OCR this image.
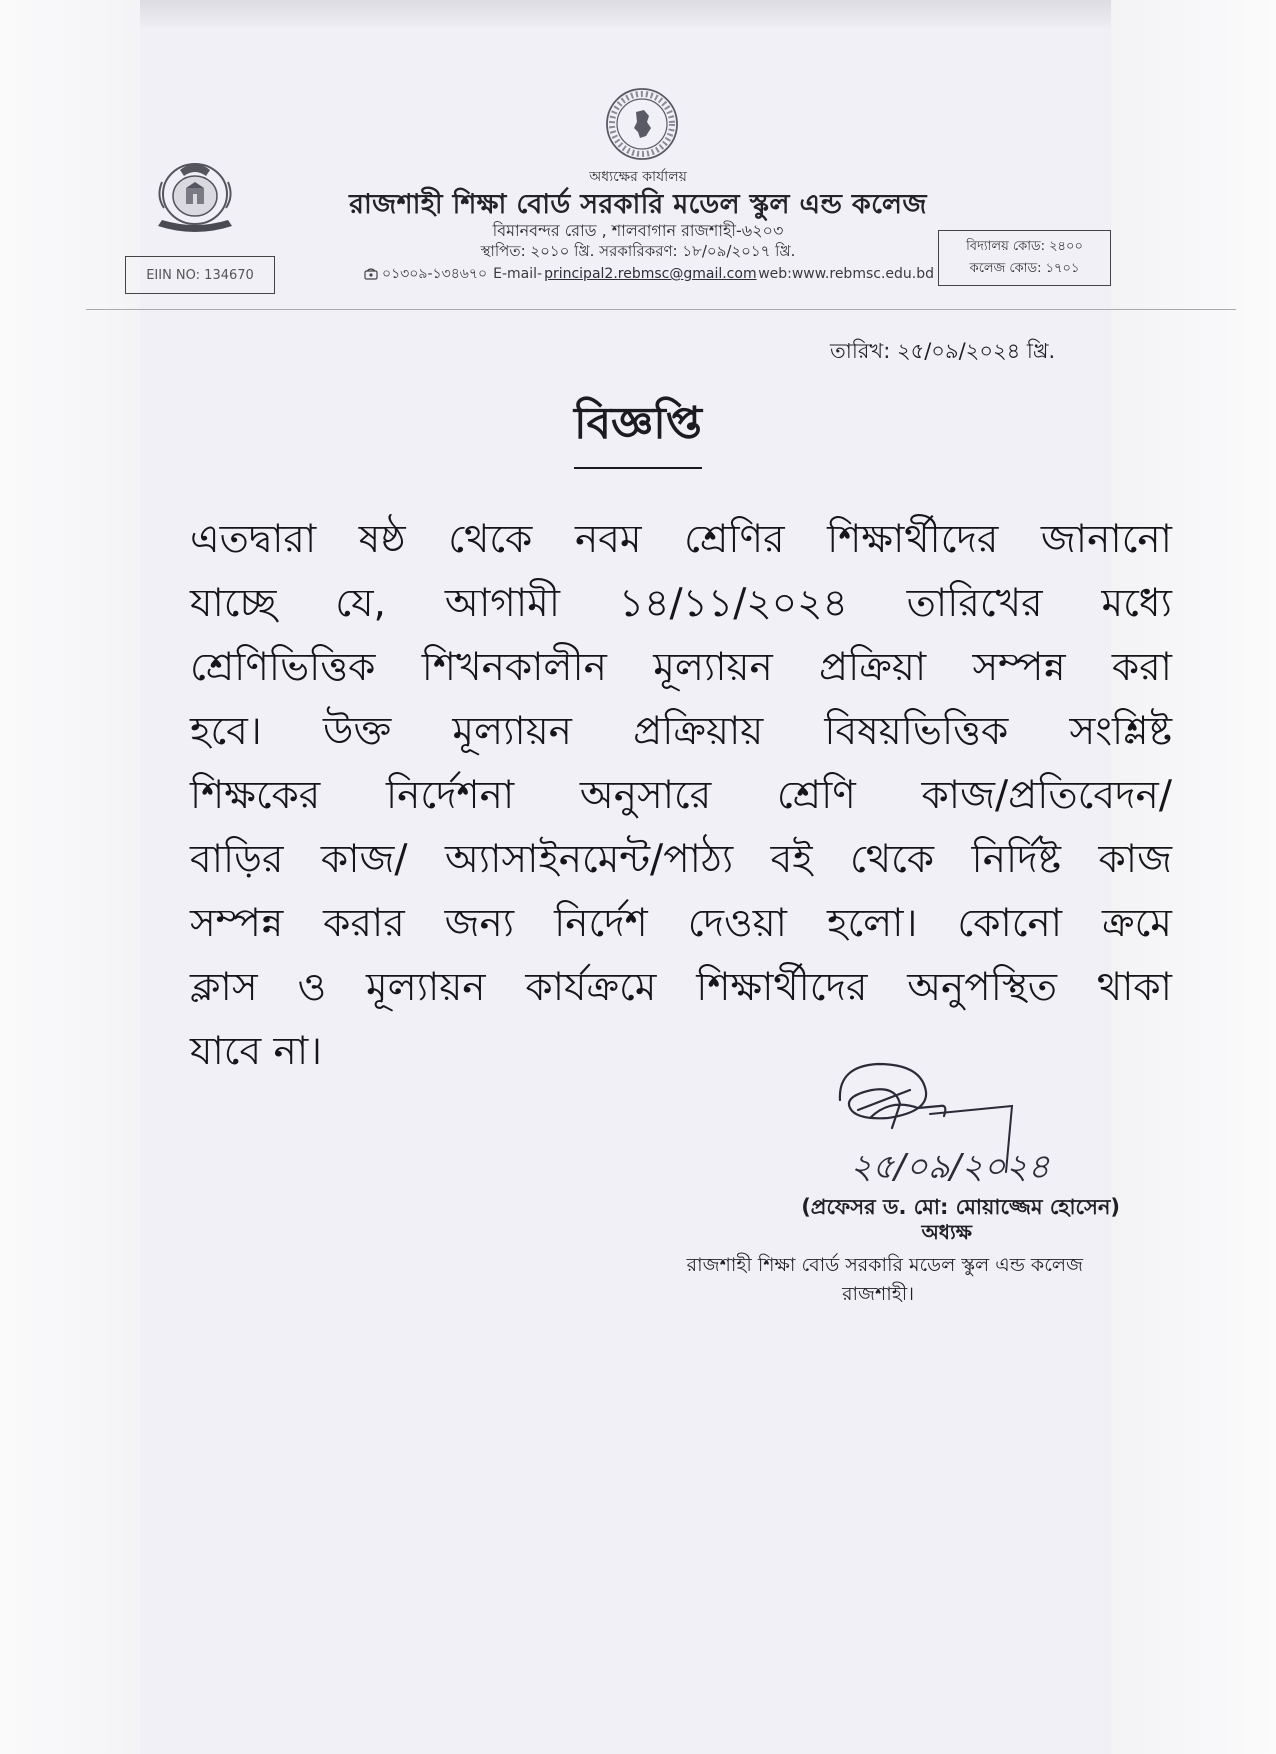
অধ্যক্ষের কার্যালয়
রাজশাহী শিক্ষা বোর্ড সরকারি মডেল স্কুল এন্ড কলেজ
বিমানবন্দর রোড , শালবাগান রাজশাহী-৬২০৩
স্থাপিত: ২০১০ খ্রি. সরকারিকরণ: ১৮/০৯/২০১৭ খ্রি.
০১৩০৯-১৩৪৬৭০ E-mail- principal2.rebmsc@gmail.com web:www.rebmsc.edu.bd
EIIN NO: 134670
বিদ্যালয় কোড: ২৪০০
কলেজ কোড: ১৭০১
তারিখ: ২৫/০৯/২০২৪ খ্রি.
বিজ্ঞপ্তি
এতদ্বারা ষষ্ঠ থেকে নবম শ্রেণির শিক্ষার্থীদের জানানো
যাচ্ছে যে, আগামী ১৪/১১/২০২৪ তারিখের মধ্যে
শ্রেণিভিত্তিক শিখনকালীন মূল্যায়ন প্রক্রিয়া সম্পন্ন করা
হবে। উক্ত মূল্যায়ন প্রক্রিয়ায় বিষয়ভিত্তিক সংশ্লিষ্ট
শিক্ষকের নির্দেশনা অনুসারে শ্রেণি কাজ/প্রতিবেদন/
বাড়ির কাজ/ অ্যাসাইনমেন্ট/পাঠ্য বই থেকে নির্দিষ্ট কাজ
সম্পন্ন করার জন্য নির্দেশ দেওয়া হলো। কোনো ক্রমে
ক্লাস ও মূল্যায়ন কার্যক্রমে শিক্ষার্থীদের অনুপস্থিত থাকা
যাবে না।
২৫/০৯/২০২৪
(প্রফেসর ড. মো: মোয়াজ্জেম হোসেন)
অধ্যক্ষ
রাজশাহী শিক্ষা বোর্ড সরকারি মডেল স্কুল এন্ড কলেজ
রাজশাহী।
